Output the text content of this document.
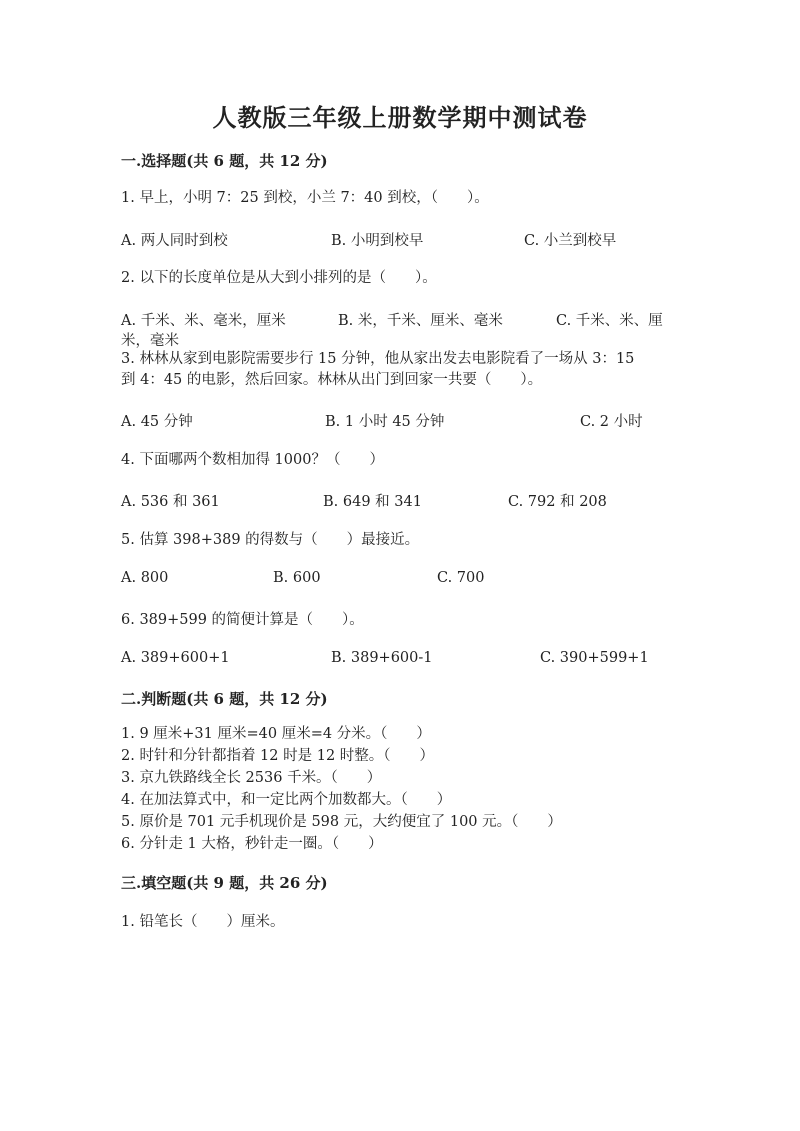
人教版三年级上册数学期中测试卷
一.选择题(共 6 题，共 12 分)
1. 早上，小明 7：25 到校，小兰 7：40 到校，（　　）。
A. 两人同时到校	B. 小明到校早	C. 小兰到校早
2. 以下的长度单位是从大到小排列的是（　　）。
A. 千米、米、毫米，厘米	B. 米，千米、厘米、毫米	C. 千米、米、厘
米，毫米
3. 林林从家到电影院需要步行 15 分钟，他从家出发去电影院看了一场从 3：15
到 4：45 的电影，然后回家。林林从出门到回家一共要（　　）。
A. 45 分钟	B. 1 小时 45 分钟	C. 2 小时
4. 下面哪两个数相加得 1000？（　　）
A. 536 和 361	B. 649 和 341	C. 792 和 208
5. 估算 398+389 的得数与（　　）最接近。
A. 800	B. 600	C. 700
6. 389+599 的简便计算是（　　）。
A. 389+600+1	B. 389+600-1	C. 390+599+1
二.判断题(共 6 题，共 12 分)
1. 9 厘米+31 厘米=40 厘米=4 分米。（　　）
2. 时针和分针都指着 12 时是 12 时整。（　　）
3. 京九铁路线全长 2536 千米。（　　）
4. 在加法算式中，和一定比两个加数都大。（　　）
5. 原价是 701 元手机现价是 598 元，大约便宜了 100 元。（　　）
6. 分针走 1 大格，秒针走一圈。（　　）
三.填空题(共 9 题，共 26 分)
1. 铅笔长（　　）厘米。
